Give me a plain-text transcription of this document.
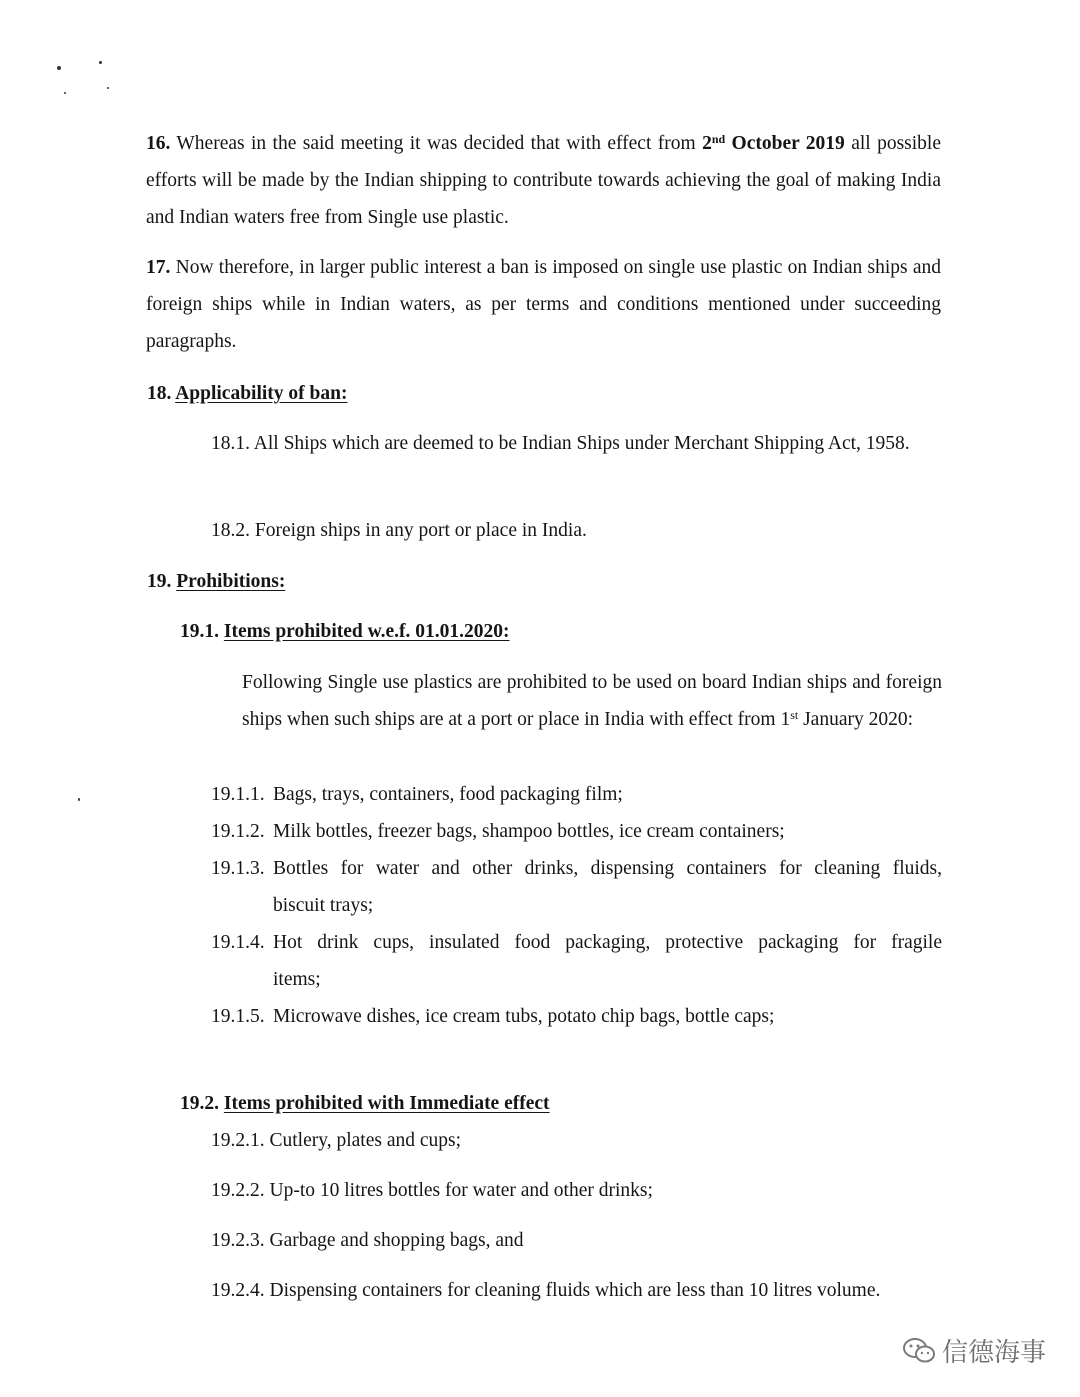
16. Whereas in the said meeting it was decided that with effect from 2nd October 2019 all possible efforts will be made by the Indian shipping to contribute towards achieving the goal of making India and Indian waters free from Single use plastic.

17. Now therefore, in larger public interest a ban is imposed on single use plastic on Indian ships and foreign ships while in Indian waters, as per terms and conditions mentioned under succeeding paragraphs.

18. Applicability of ban:

18.1. All Ships which are deemed to be Indian Ships under Merchant Shipping Act, 1958.

18.2. Foreign ships in any port or place in India.

19. Prohibitions:

19.1. Items prohibited w.e.f. 01.01.2020:

Following Single use plastics are prohibited to be used on board Indian ships and foreign ships when such ships are at a port or place in India with effect from 1st January 2020:

19.1.1. Bags, trays, containers, food packaging film;
19.1.2. Milk bottles, freezer bags, shampoo bottles, ice cream containers;
19.1.3. Bottles for water and other drinks, dispensing containers for cleaning fluids,
biscuit trays;
19.1.4. Hot drink cups, insulated food packaging, protective packaging for fragile
items;
19.1.5. Microwave dishes, ice cream tubs, potato chip bags, bottle caps;

19.2. Items prohibited with Immediate effect

19.2.1. Cutlery, plates and cups;

19.2.2. Up-to 10 litres bottles for water and other drinks;

19.2.3. Garbage and shopping bags, and

19.2.4. Dispensing containers for cleaning fluids which are less than 10 litres volume.

信德海事
